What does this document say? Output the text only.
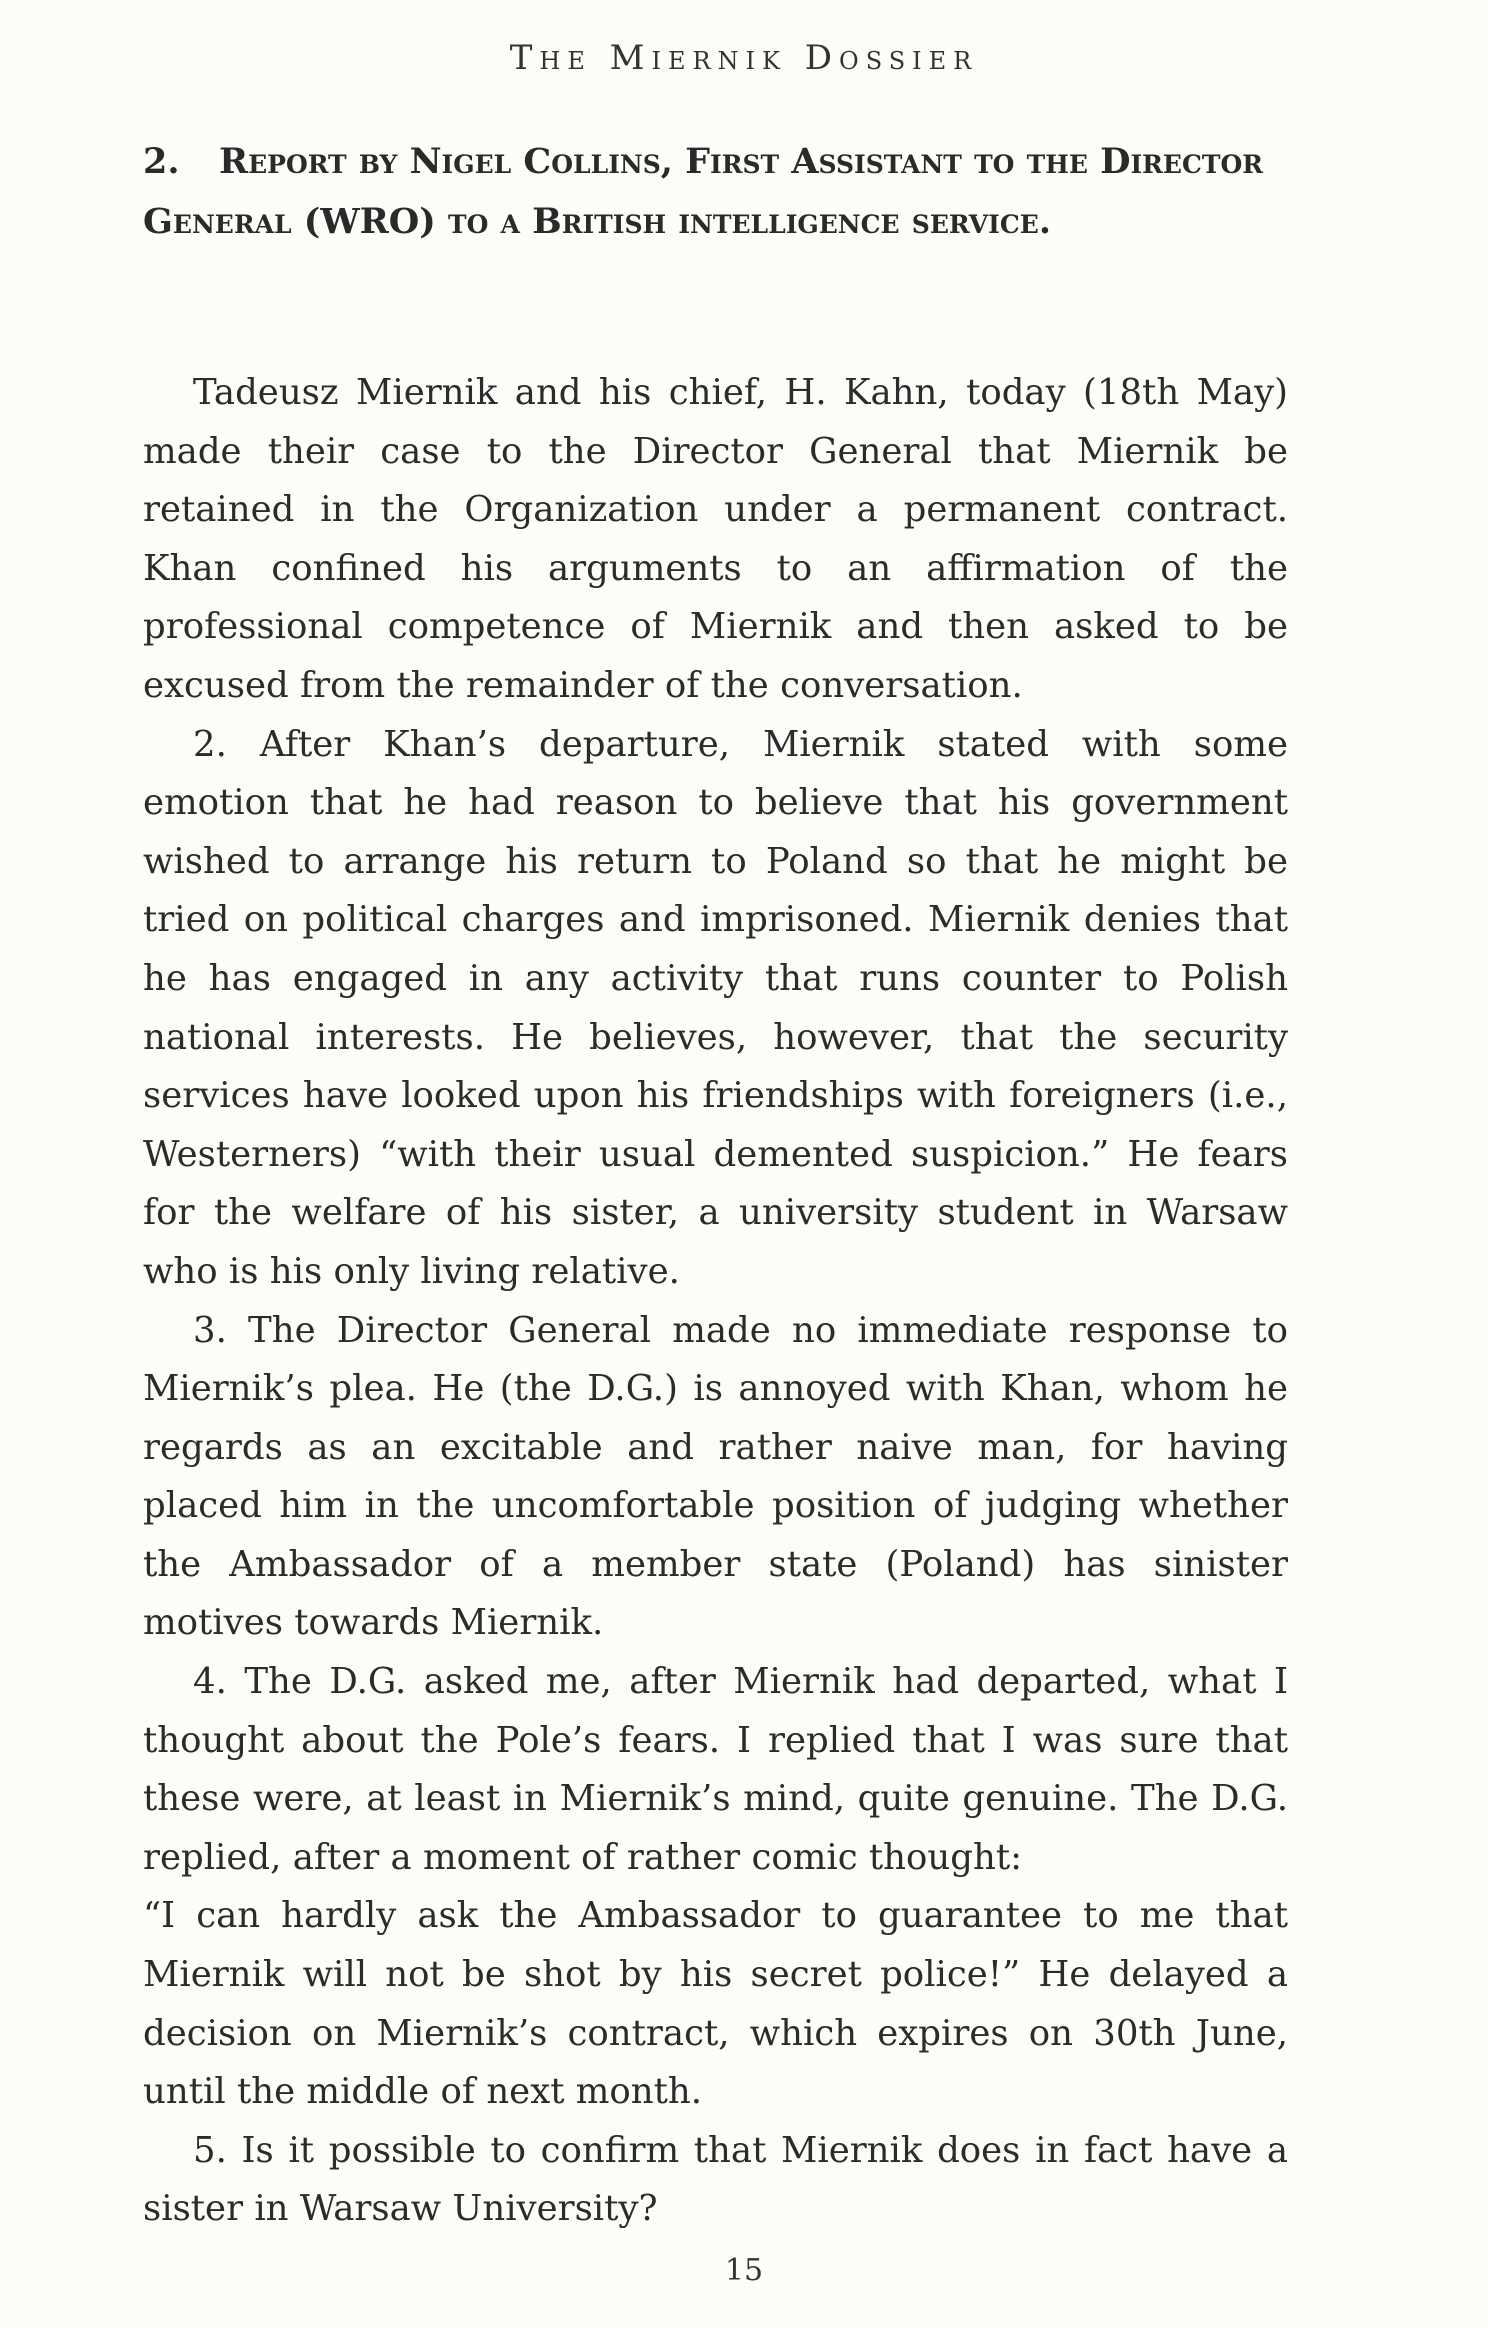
The Miernik Dossier
2. Report by Nigel Collins, First Assistant to the Director General (WRO) to a British intelligence service.

Tadeusz Miernik and his chief, H. Kahn, today (18th May) made their case to the Director General that Miernik be retained in the Organization under a permanent contract. Khan confined his arguments to an affirmation of the professional competence of Miernik and then asked to be excused from the remainder of the conversation.

2. After Khan’s departure, Miernik stated with some emotion that he had reason to believe that his government wished to arrange his return to Poland so that he might be tried on political charges and imprisoned. Miernik denies that he has engaged in any activity that runs counter to Polish national interests. He believes, however, that the security services have looked upon his friendships with foreigners (i.e., Westerners) “with their usual demented suspicion.” He fears for the welfare of his sister, a university student in Warsaw who is his only living relative.

3. The Director General made no immediate response to Miernik’s plea. He (the D.G.) is annoyed with Khan, whom he regards as an excitable and rather naive man, for having placed him in the uncomfortable position of judging whether the Ambassador of a member state (Poland) has sinister motives towards Miernik.

4. The D.G. asked me, after Miernik had departed, what I thought about the Pole’s fears. I replied that I was sure that these were, at least in Miernik’s mind, quite genuine. The D.G. replied, after a moment of rather comic thought:

“I can hardly ask the Ambassador to guarantee to me that Miernik will not be shot by his secret police!” He delayed a decision on Miernik’s contract, which expires on 30th June, until the middle of next month.

5. Is it possible to confirm that Miernik does in fact have a sister in Warsaw University?

15
